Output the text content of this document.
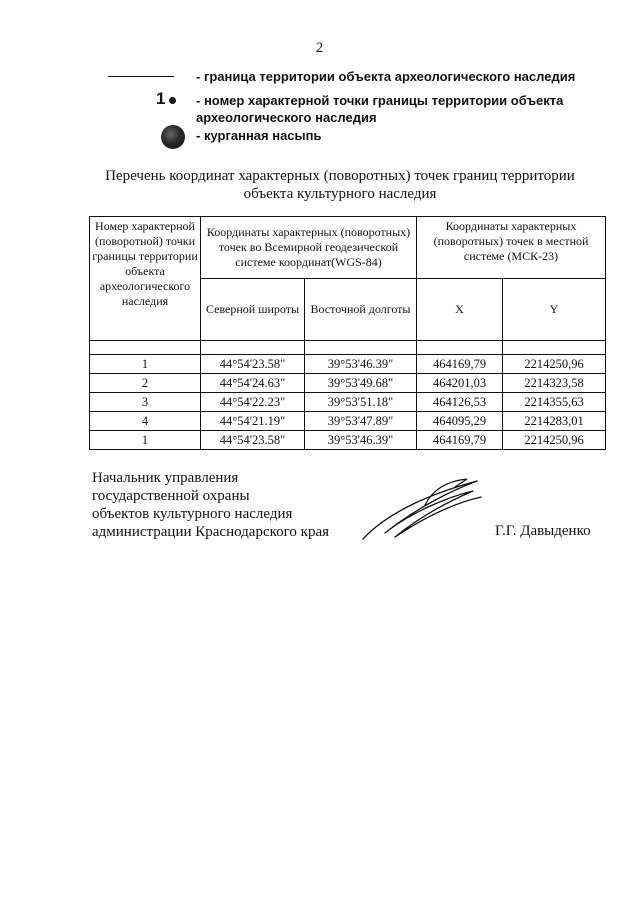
2
- граница территории объекта археологического наследия
1 - номер характерной точки границы территории объекта
археологического наследия
- курганная насыпь
Перечень координат характерных (поворотных) точек границ территории
объекта культурного наследия
Номер характерной (поворотной) точки границы территории объекта археологического наследия	Координаты характерных (поворотных) точек во Всемирной геодезической системе координат(WGS-84)		Координаты характерных (поворотных) точек в местной системе (МСК-23)	
	Северной широты	Восточной долготы	X	Y

1	44°54'23.58"	39°53'46.39"	464169,79	2214250,96
2	44°54'24.63"	39°53'49.68"	464201,03	2214323,58
3	44°54'22.23"	39°53'51.18"	464126,53	2214355,63
4	44°54'21.19"	39°53'47.89"	464095,29	2214283,01
1	44°54'23.58"	39°53'46.39"	464169,79	2214250,96
Начальник управления
государственной охраны
объектов культурного наследия
администрации Краснодарского края	Г.Г. Давыденко
